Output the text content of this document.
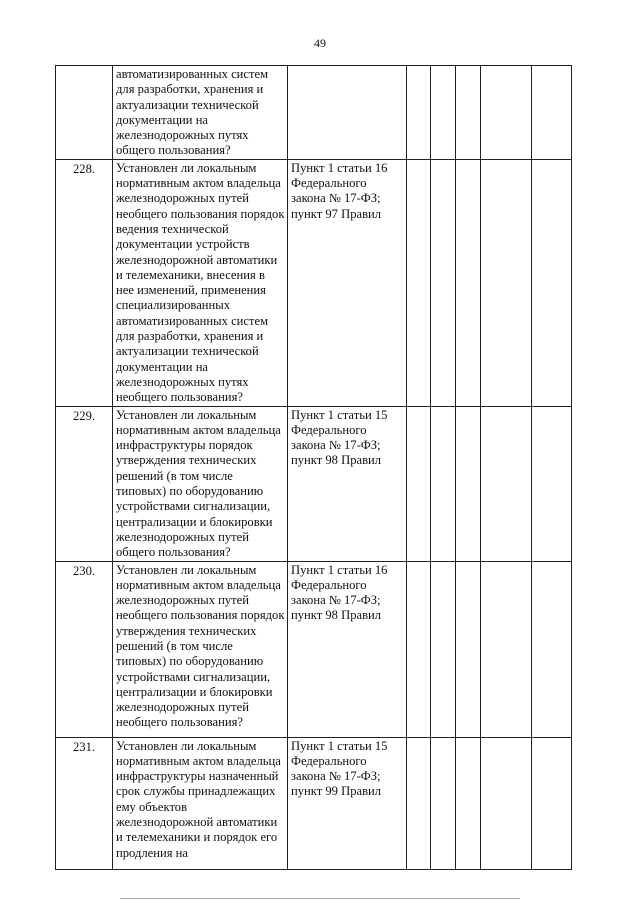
49
	автоматизированных систем для разработки, хранения и актуализации технической документации на железнодорожных путях общего пользования?						
228.	Установлен ли локальным нормативным актом владельца железнодорожных путей необщего пользования порядок ведения технической документации устройств железнодорожной автоматики и телемеханики, внесения в нее изменений, применения специализированных автоматизированных систем для разработки, хранения и актуализации технической документации на железнодорожных путях необщего пользования?	Пункт 1 статьи 16 Федерального закона № 17-ФЗ; пункт 97 Правил					
229.	Установлен ли локальным нормативным актом владельца инфраструктуры порядок утверждения технических решений (в том числе типовых) по оборудованию устройствами сигнализации, централизации и блокировки железнодорожных путей общего пользования?	Пункт 1 статьи 15 Федерального закона № 17-ФЗ; пункт 98 Правил					
230.	Установлен ли локальным нормативным актом владельца железнодорожных путей необщего пользования порядок утверждения технических решений (в том числе типовых) по оборудованию устройствами сигнализации, централизации и блокировки железнодорожных путей необщего пользования?	Пункт 1 статьи 16 Федерального закона № 17-ФЗ; пункт 98 Правил					
231.	Установлен ли локальным нормативным актом владельца инфраструктуры назначенный срок службы принадлежащих ему объектов железнодорожной автоматики и телемеханики и порядок его продления на	Пункт 1 статьи 15 Федерального закона № 17-ФЗ; пункт 99 Правил					
